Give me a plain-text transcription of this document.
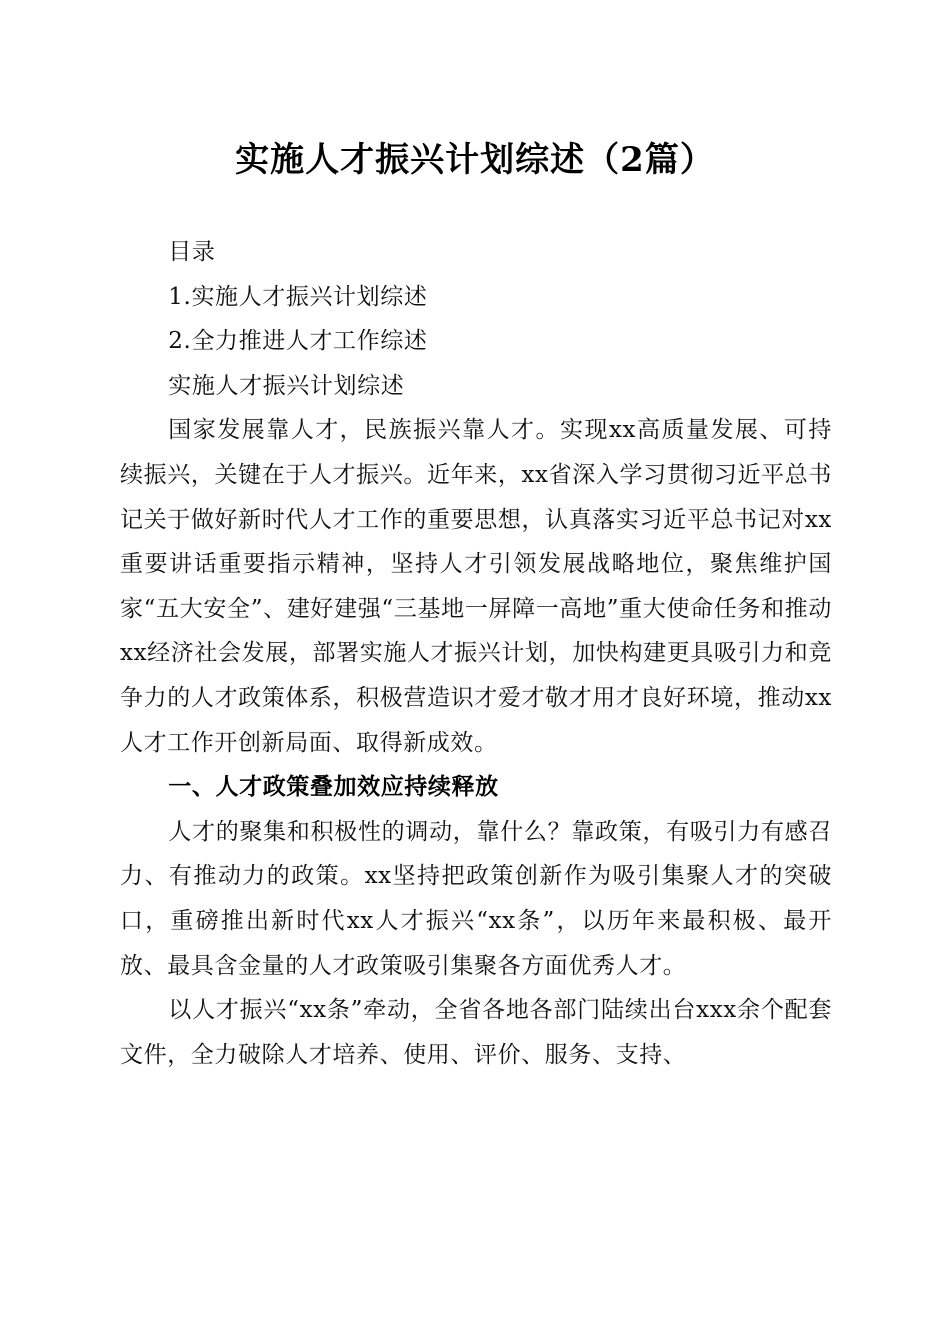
实施人才振兴计划综述（2篇）

目录

1.实施人才振兴计划综述

2.全力推进人才工作综述

实施人才振兴计划综述

国家发展靠人才，民族振兴靠人才。实现xx高质量发展、可持续振兴，关键在于人才振兴。近年来，xx省深入学习贯彻习近平总书记关于做好新时代人才工作的重要思想，认真落实习近平总书记对xx重要讲话重要指示精神，坚持人才引领发展战略地位，聚焦维护国家“五大安全”、建好建强“三基地一屏障一高地”重大使命任务和推动xx经济社会发展，部署实施人才振兴计划，加快构建更具吸引力和竞争力的人才政策体系，积极营造识才爱才敬才用才良好环境，推动xx人才工作开创新局面、取得新成效。

一、人才政策叠加效应持续释放

人才的聚集和积极性的调动，靠什么？靠政策，有吸引力有感召力、有推动力的政策。xx坚持把政策创新作为吸引集聚人才的突破口，重磅推出新时代xx人才振兴“xx条”，以历年来最积极、最开放、最具含金量的人才政策吸引集聚各方面优秀人才。

以人才振兴“xx条”牵动，全省各地各部门陆续出台xxx余个配套文件，全力破除人才培养、使用、评价、服务、支持、
